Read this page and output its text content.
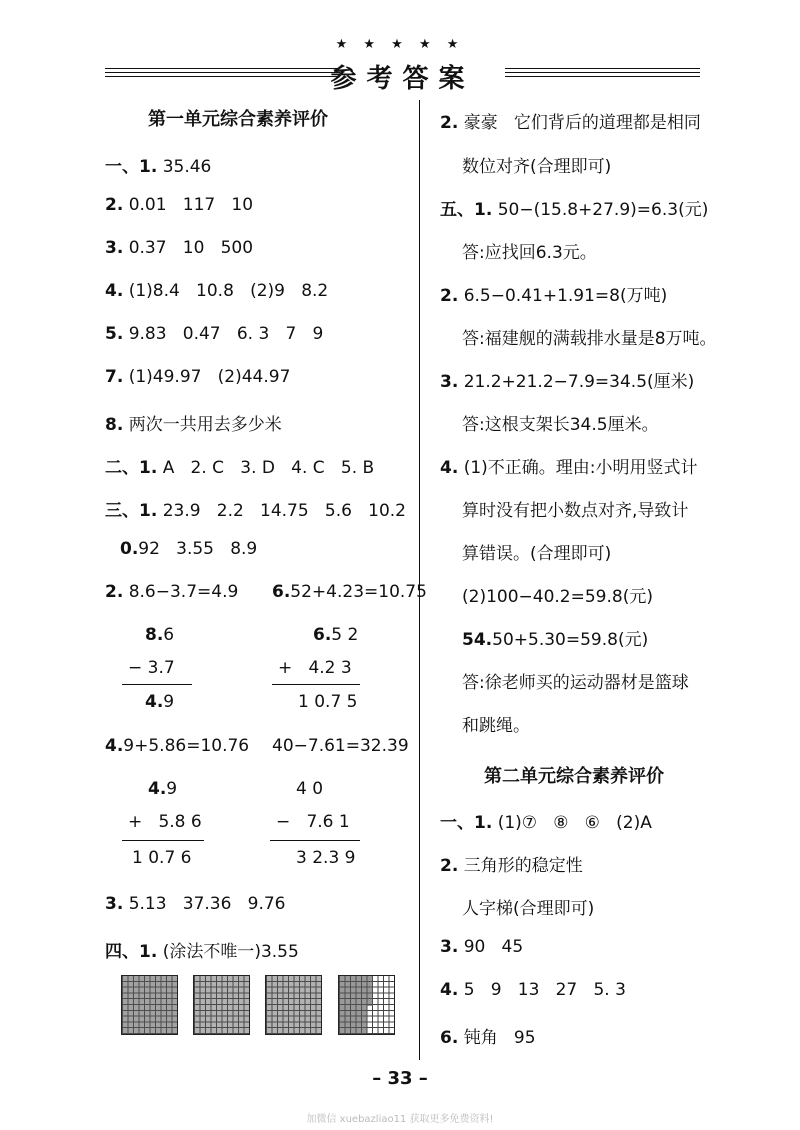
★ ★ ★ ★ ★
参考答案
第一单元综合素养评价
一、1. 35.46
2. 0.01   117   10
3. 0.37   10   500
4. (1)8.4   10.8   (2)9   8.2
5. 9.83   0.47   6. 3   7   9
7. (1)49.97   (2)44.97
8. 两次一共用去多少米
二、1. A   2. C   3. D   4. C   5. B
三、1. 23.9   2.2   14.75   5.6   10.2
0.92   3.55   8.9
2. 8.6−3.7=4.9 6.52+4.23=10.75
8.6
− 3.7
4.9
6.5 2
+   4.2 3
1 0.7 5
4.9+5.86=10.76 40−7.61=32.39
4.9
+   5.8 6
1 0.7 6
4 0
−   7.6 1
3 2.3 9
3. 5.13   37.36   9.76
四、1. (涂法不唯一)3.55
2. 豪豪   它们背后的道理都是相同
数位对齐(合理即可)
五、1. 50−(15.8+27.9)=6.3(元)
答:应找回6.3元。
2. 6.5−0.41+1.91=8(万吨)
答:福建舰的满载排水量是8万吨。
3. 21.2+21.2−7.9=34.5(厘米)
答:这根支架长34.5厘米。
4. (1)不正确。理由:小明用竖式计
算时没有把小数点对齐,导致计
算错误。(合理即可)
(2)100−40.2=59.8(元)
54.50+5.30=59.8(元)
答:徐老师买的运动器材是篮球
和跳绳。
第二单元综合素养评价
一、1. (1)⑦   ⑧   ⑥   (2)A
2. 三角形的稳定性
人字梯(合理即可)
3. 90   45
4. 5   9   13   27   5. 3
6. 钝角   95
– 33 –
加微信 xuebazliao11 获取更多免费资料!
